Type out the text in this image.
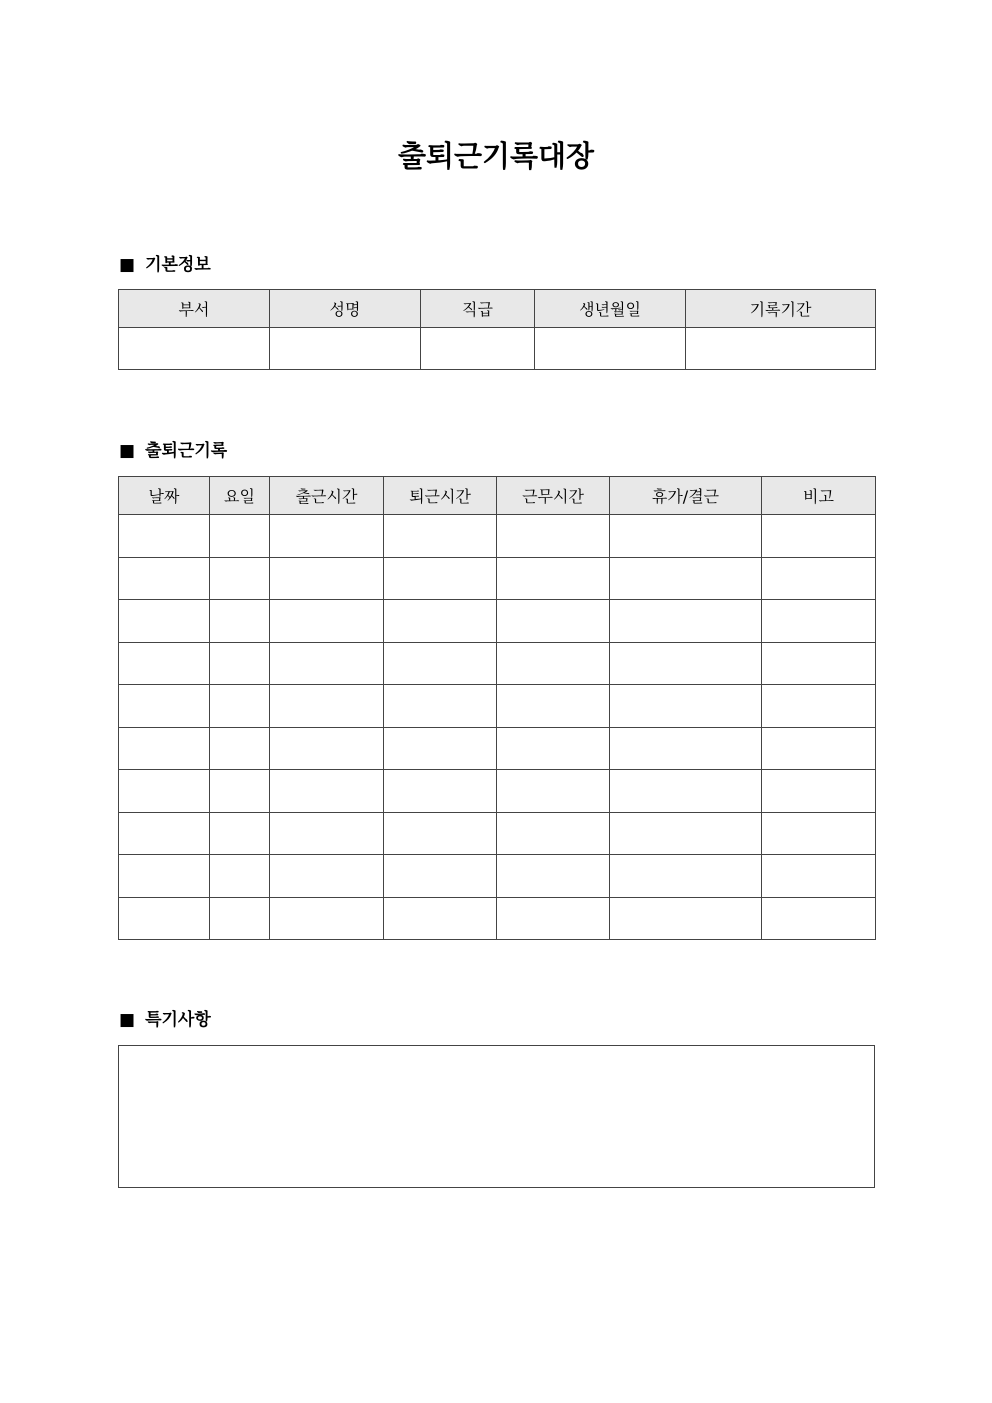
출퇴근기록대장
■ 기본정보
부서	성명	직급	생년월일	기록기간

■ 출퇴근기록
날짜	요일	출근시간	퇴근시간	근무시간	휴가/결근	비고

■ 특기사항
